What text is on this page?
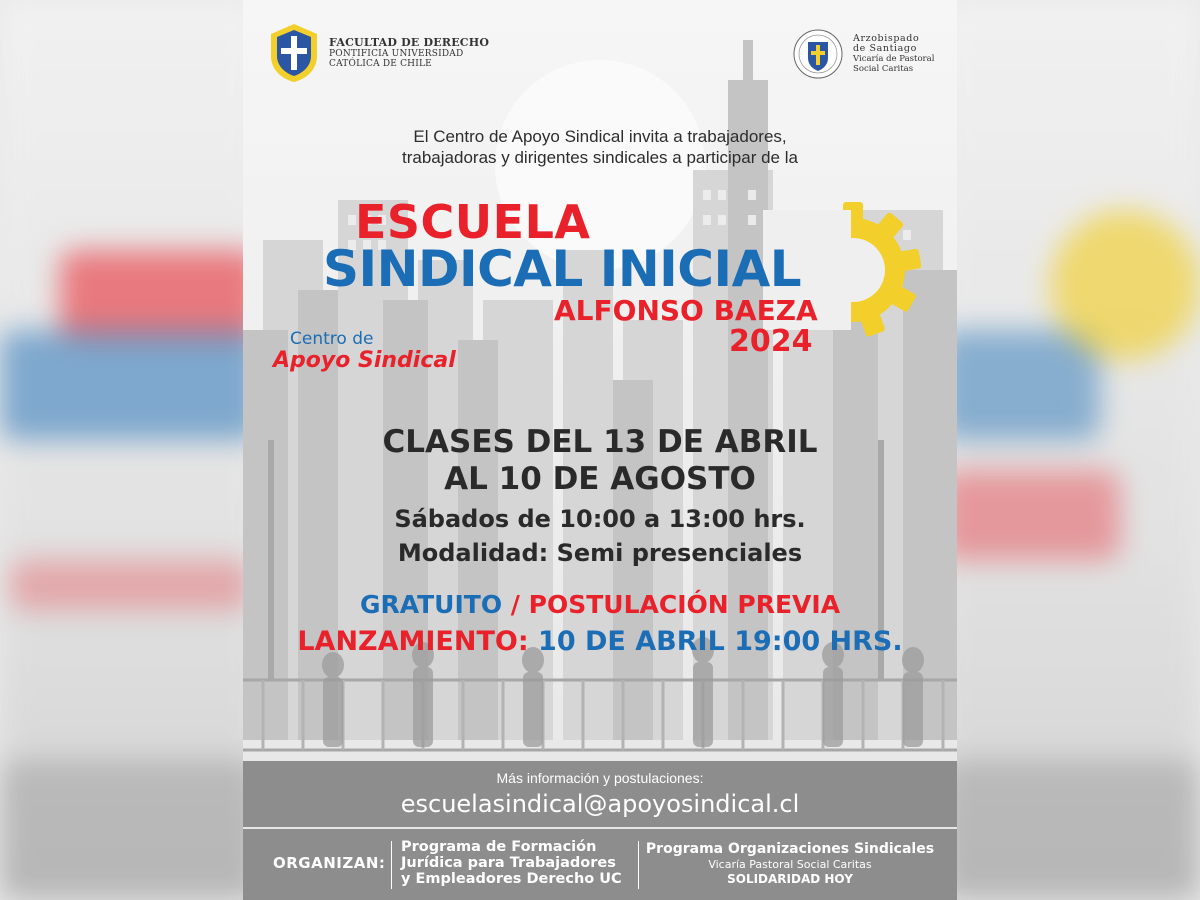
FACULTAD DE DERECHO
PONTIFICIA UNIVERSIDAD
CATÓLICA DE CHILE
Arzobispado
de Santiago
Vicaría de Pastoral
Social Caritas
El Centro de Apoyo Sindical invita a trabajadores,
trabajadoras y dirigentes sindicales a participar de la
ESCUELA
SINDICAL INICIAL
ALFONSO BAEZA
2024
Centro de
Apoyo Sindical
CLASES DEL 13 DE ABRIL
AL 10 DE AGOSTO
Sábados de 10:00 a 13:00 hrs.
Modalidad: Semi presenciales
GRATUITO / POSTULACIÓN PREVIA
LANZAMIENTO: 10 DE ABRIL 19:00 HRS.
Más información y postulaciones:
escuelasindical@apoyosindical.cl
ORGANIZAN:
Programa de Formación
Jurídica para Trabajadores
y Empleadores Derecho UC
Programa Organizaciones Sindicales
Vicaría Pastoral Social Caritas
SOLIDARIDAD HOY
